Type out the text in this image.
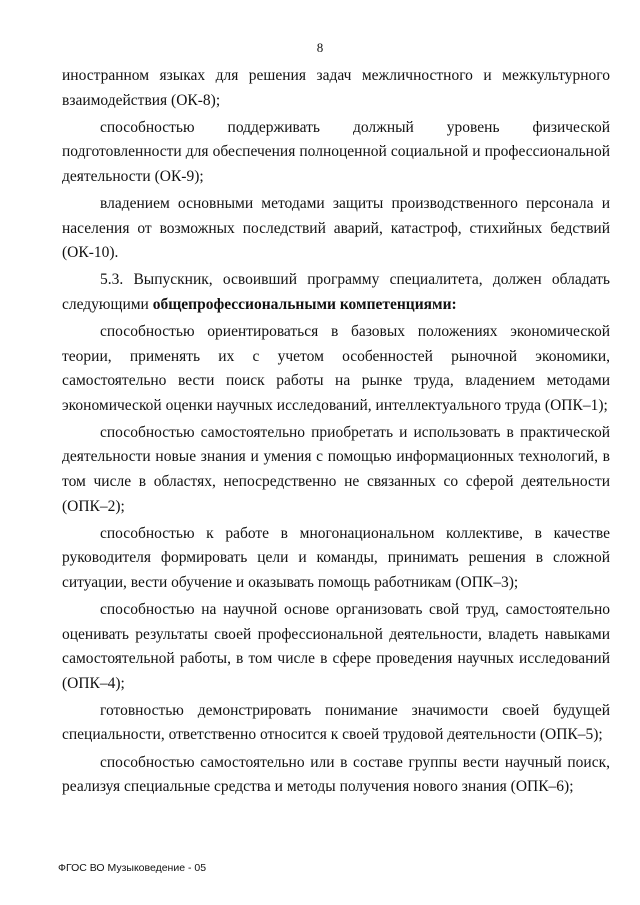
8

иностранном языках для решения задач межличностного и межкультурного взаимодействия (ОК-8);

способностью поддерживать должный уровень физической подготовленности для обеспечения полноценной социальной и профессиональной деятельности (ОК-9);

владением основными методами защиты производственного персонала и населения от возможных последствий аварий, катастроф, стихийных бедствий (ОК-10).

5.3. Выпускник, освоивший программу специалитета, должен обладать следующими общепрофессиональными компетенциями:

способностью ориентироваться в базовых положениях экономической теории, применять их с учетом особенностей рыночной экономики, самостоятельно вести поиск работы на рынке труда, владением методами экономической оценки научных исследований, интеллектуального труда (ОПК–1);

способностью самостоятельно приобретать и использовать в практической деятельности новые знания и умения с помощью информационных технологий, в том числе в областях, непосредственно не связанных со сферой деятельности (ОПК–2);

способностью к работе в многонациональном коллективе, в качестве руководителя формировать цели и команды, принимать решения в сложной ситуации, вести обучение и оказывать помощь работникам (ОПК–3);

способностью на научной основе организовать свой труд, самостоятельно оценивать результаты своей профессиональной деятельности, владеть навыками самостоятельной работы, в том числе в сфере проведения научных исследований (ОПК–4);

готовностью демонстрировать понимание значимости своей будущей специальности, ответственно относится к своей трудовой деятельности (ОПК–5);

способностью самостоятельно или в составе группы вести научный поиск, реализуя специальные средства и методы получения нового знания (ОПК–6);

ФГОС ВО Музыковедение - 05
